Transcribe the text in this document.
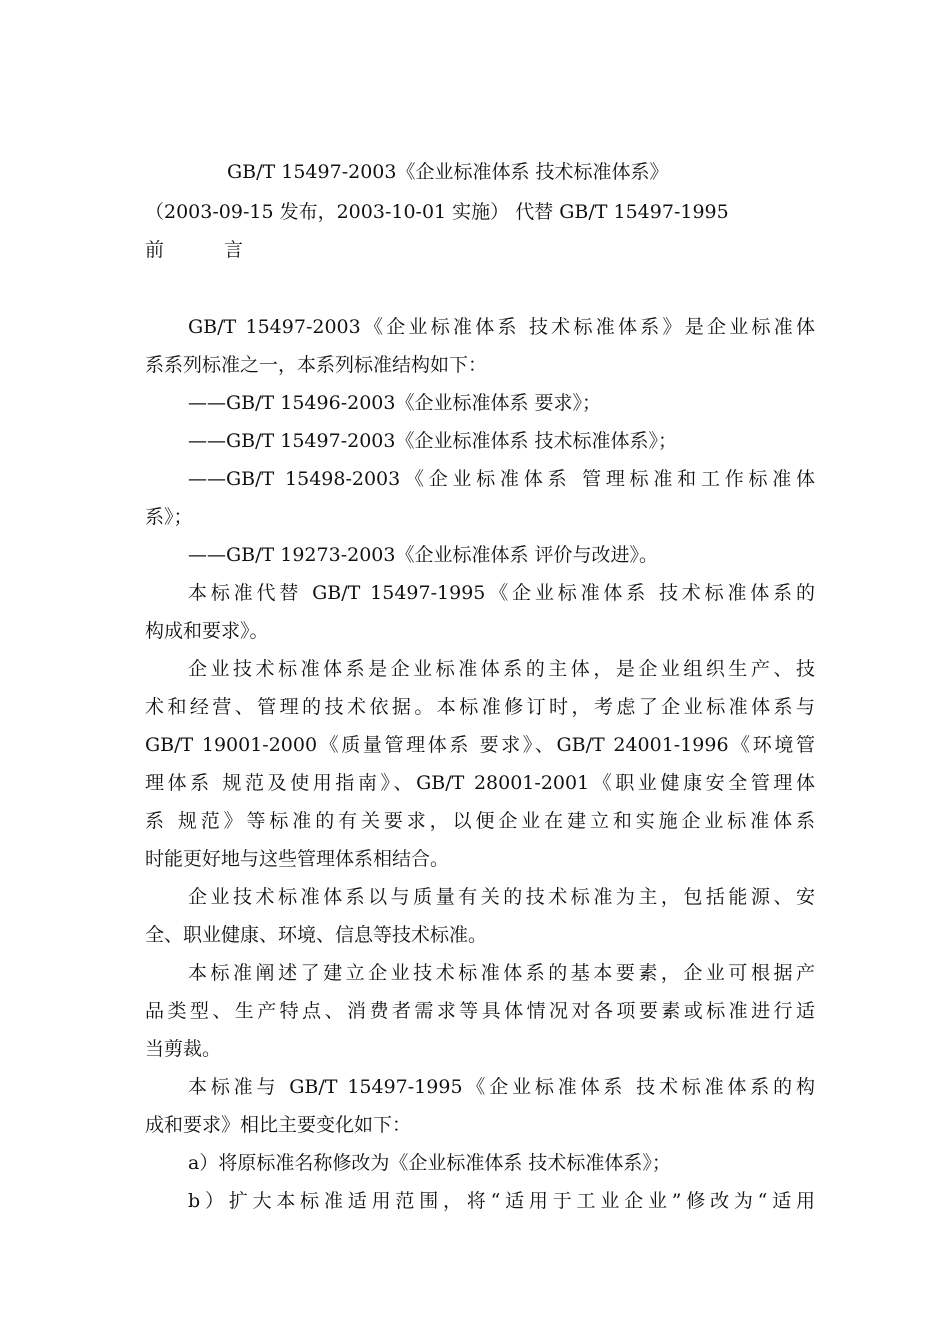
GB/T 15497-2003《企业标准体系 技术标准体系》
（2003-09-15 发布，2003-10-01 实施） 代替 GB/T 15497-1995
前	言
GB/T 15497-2003《企业标准体系 技术标准体系》是企业标准体
系系列标准之一，本系列标准结构如下：
——GB/T 15496-2003《企业标准体系 要求》；
——GB/T 15497-2003《企业标准体系 技术标准体系》；
——GB/T 15498-2003《企业标准体系 管理标准和工作标准体
系》；
——GB/T 19273-2003《企业标准体系 评价与改进》。
本标准代替 GB/T 15497-1995《企业标准体系 技术标准体系的
构成和要求》。
企业技术标准体系是企业标准体系的主体，是企业组织生产、技
术和经营、管理的技术依据。本标准修订时，考虑了企业标准体系与
GB/T 19001-2000《质量管理体系 要求》、GB/T 24001-1996《环境管
理体系 规范及使用指南》、GB/T 28001-2001《职业健康安全管理体
系 规范》等标准的有关要求，以便企业在建立和实施企业标准体系
时能更好地与这些管理体系相结合。
企业技术标准体系以与质量有关的技术标准为主，包括能源、安
全、职业健康、环境、信息等技术标准。
本标准阐述了建立企业技术标准体系的基本要素，企业可根据产
品类型、生产特点、消费者需求等具体情况对各项要素或标准进行适
当剪裁。
本标准与 GB/T 15497-1995《企业标准体系 技术标准体系的构
成和要求》相比主要变化如下：
a）将原标准名称修改为《企业标准体系 技术标准体系》；
b）扩大本标准适用范围，将“适用于工业企业”修改为“适用
